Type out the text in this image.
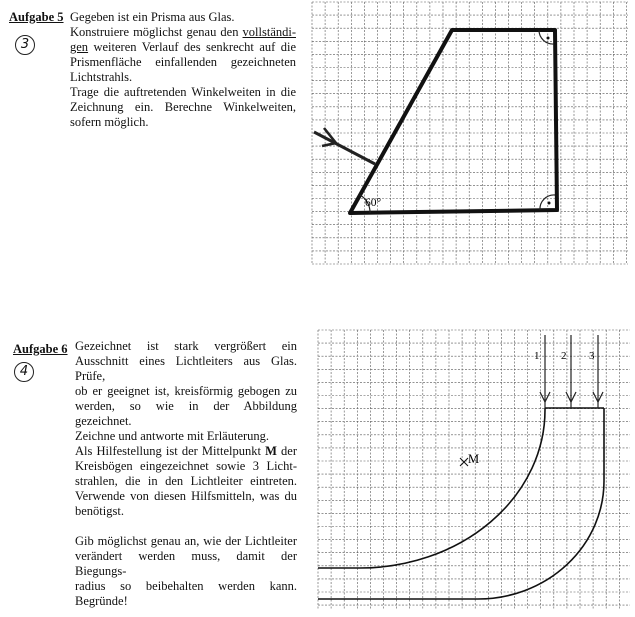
Aufgabe 5
3

Gegeben ist ein Prisma aus Glas.

Konstruiere möglichst genau den vollständi-

gen weiteren Verlauf des senkrecht auf die

Prismenfläche einfallenden gezeichneten

Lichtstrahls.

Trage die auftretenden Winkelweiten in die

Zeichnung ein. Berechne Winkelweiten,

sofern möglich.

60°
Aufgabe 6
4

Gezeichnet ist stark vergrößert ein

Ausschnitt eines Lichtleiters aus Glas. Prüfe,

ob er geeignet ist, kreisförmig gebogen zu

werden, so wie in der Abbildung gezeichnet.

Zeichne und antworte mit Erläuterung.

Als Hilfestellung ist der Mittelpunkt M der

Kreisbögen eingezeichnet sowie 3 Licht-

strahlen, die in den Lichtleiter eintreten.

Verwende von diesen Hilfsmitteln, was du

benötigst.

Gib möglichst genau an, wie der Lichtleiter

verändert werden muss, damit der Biegungs-

radius so beibehalten werden kann.

Begründe!

1 2 3
M
